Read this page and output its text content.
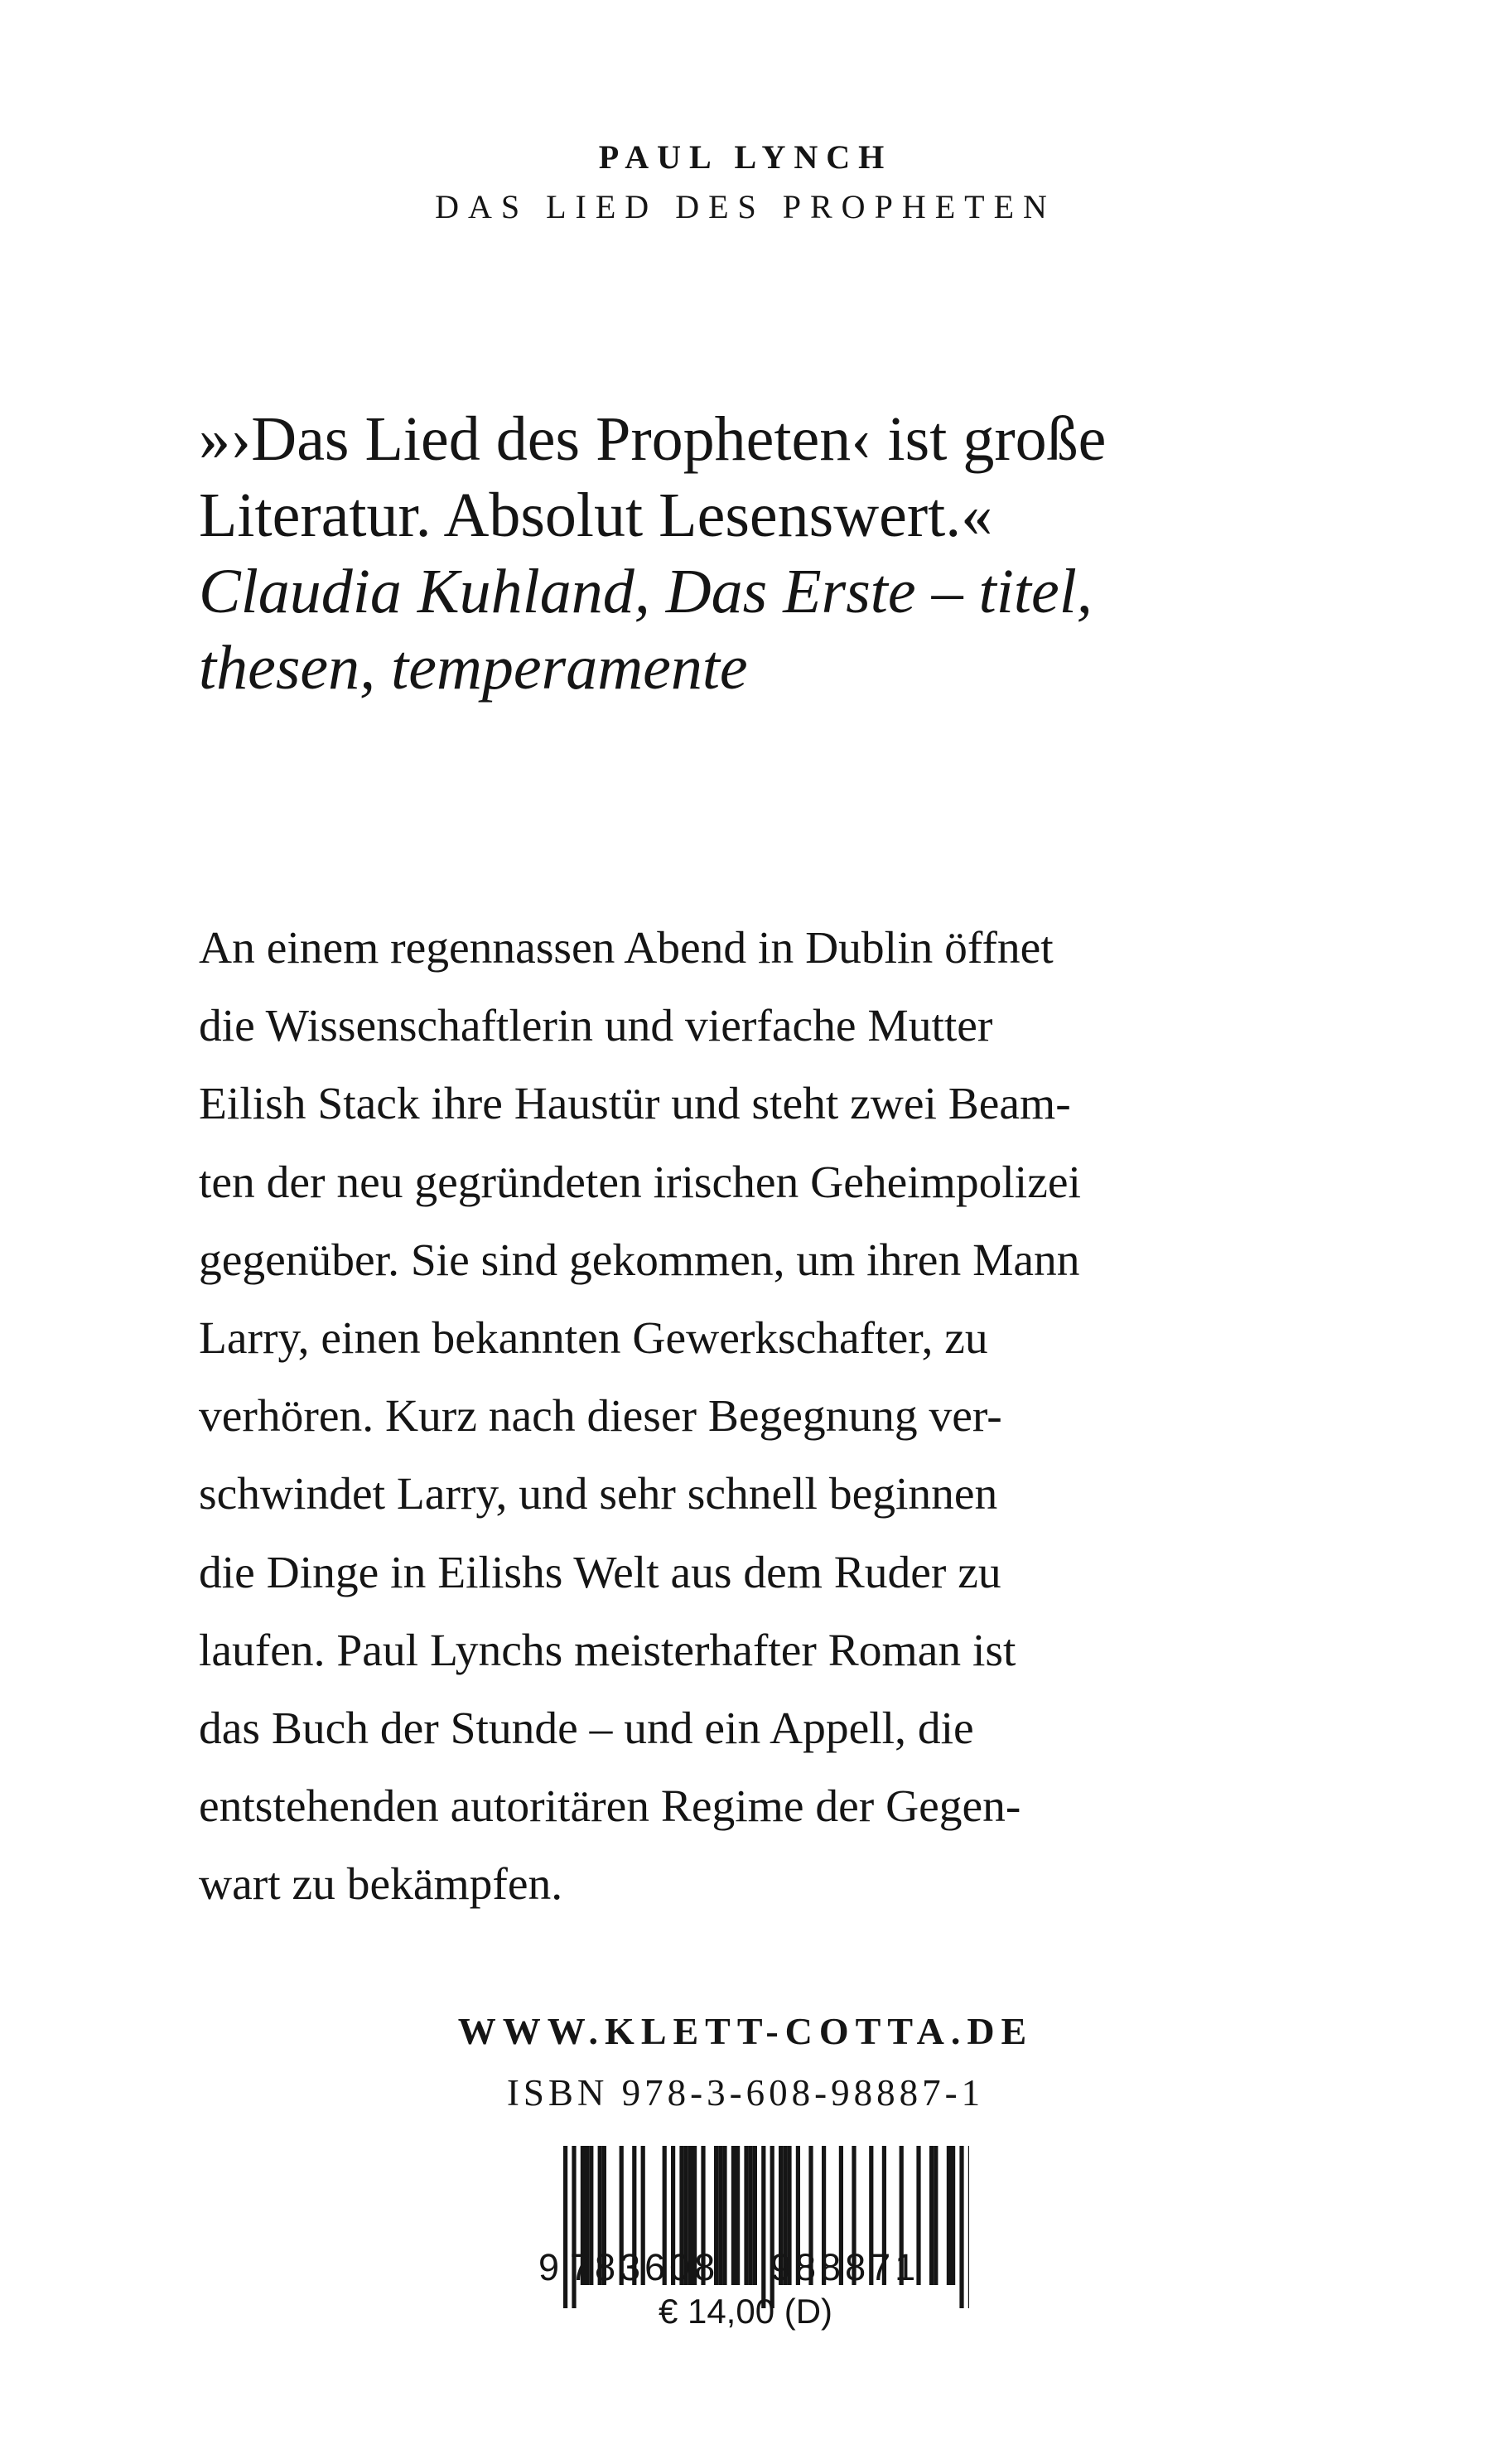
PAUL LYNCH
DAS LIED DES PROPHETEN
»›Das Lied des Propheten‹ ist große
Literatur. Absolut Lesenswert.«
Claudia Kuhland, Das Erste – titel,
thesen, temperamente
An einem regennassen Abend in Dublin öffnet
die Wissenschaftlerin und vierfache Mutter
Eilish Stack ihre Haustür und steht zwei Beam-
ten der neu gegründeten irischen Geheimpolizei
gegenüber. Sie sind gekommen, um ihren Mann
Larry, einen bekannten Gewerkschafter, zu
verhören. Kurz nach dieser Begegnung ver-
schwindet Larry, und sehr schnell beginnen
die Dinge in Eilishs Welt aus dem Ruder zu
laufen. Paul Lynchs meisterhafter Roman ist
das Buch der Stunde – und ein Appell, die
entstehenden autoritären Regime der Gegen-
wart zu bekämpfen.
WWW.KLETT-COTTA.DE
ISBN 978-3-608-98887-1
9 783608 988871
€ 14,00 (D)
